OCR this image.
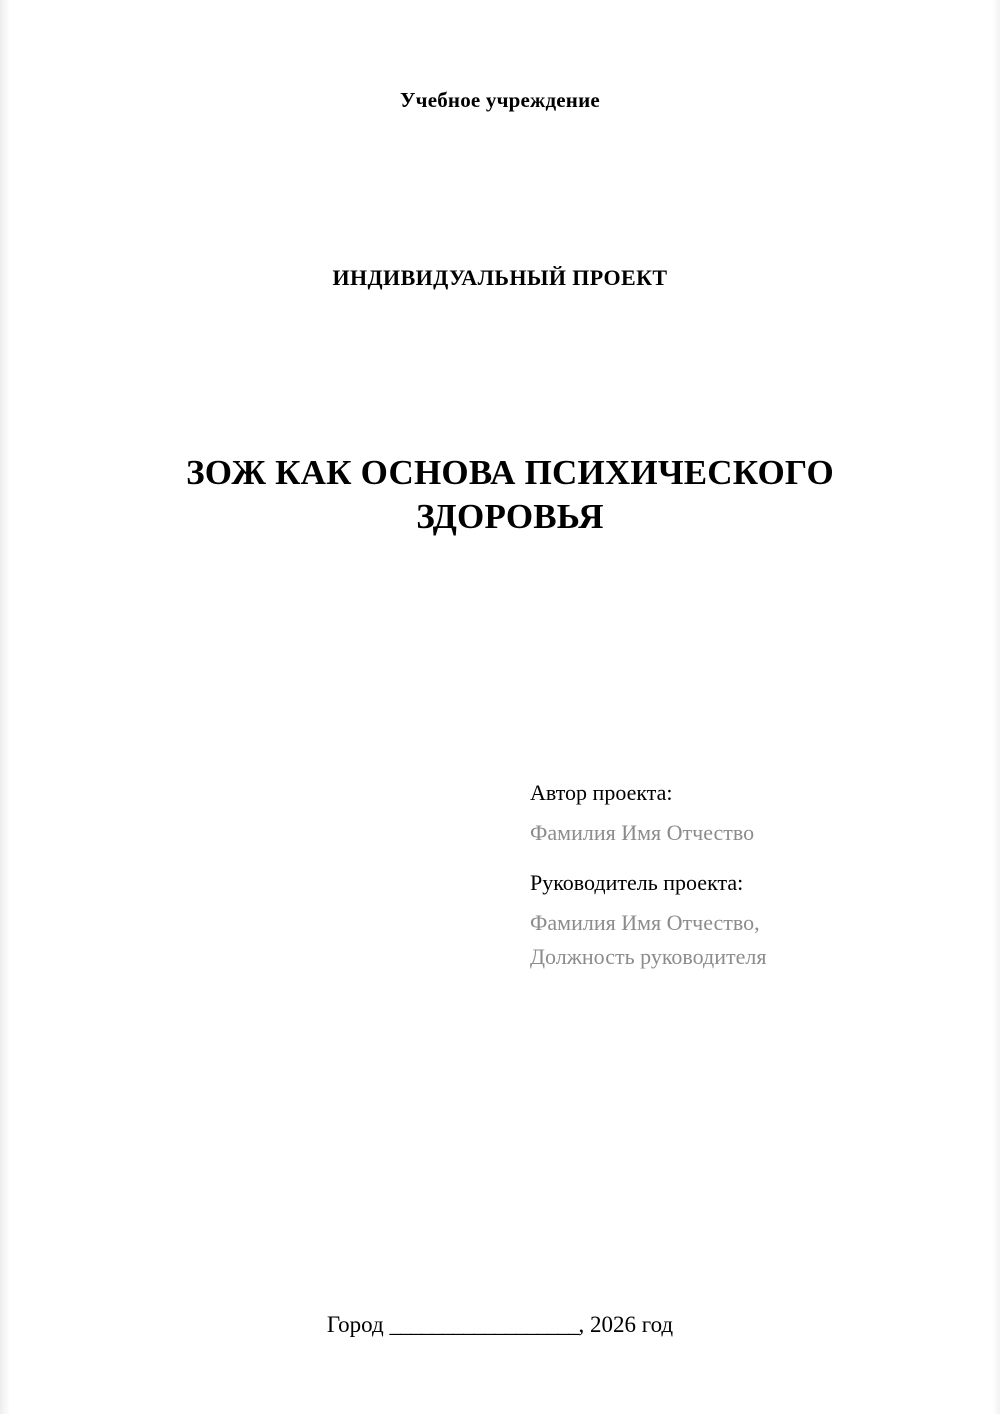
Учебное учреждение
ИНДИВИДУАЛЬНЫЙ ПРОЕКТ
ЗОЖ КАК ОСНОВА ПСИХИЧЕСКОГО ЗДОРОВЬЯ
Автор проекта:
Фамилия Имя Отчество
Руководитель проекта:
Фамилия Имя Отчество,
Должность руководителя
Город __________________, 2026 год
